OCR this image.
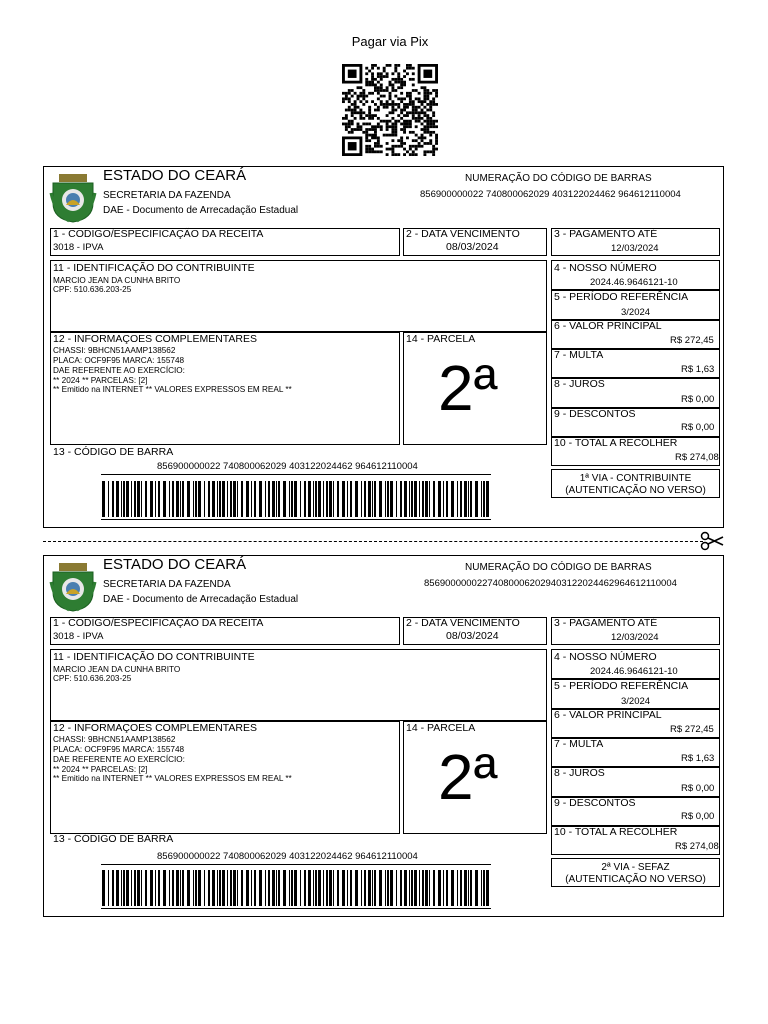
Pagar via Pix
ESTADO DO CEARÁ
SECRETARIA DA FAZENDA
DAE - Documento de Arrecadação Estadual
NUMERAÇÃO DO CÓDIGO DE BARRAS
856900000022 740800062029 403122024462 964612110004
1 - CODIGO/ESPECIFICAÇÃO DA RECEITA
3018 - IPVA
2 - DATA VENCIMENTO
08/03/2024
3 - PAGAMENTO ATÉ
12/03/2024
11 - IDENTIFICAÇÃO DO CONTRIBUINTE
MARCIO JEAN DA CUNHA BRITO
CPF: 510.636.203-25
12 - INFORMAÇOES COMPLEMENTARES
CHASSI: 9BHCN51AAMP138562
PLACA: OCF9F95 MARCA: 155748
DAE REFERENTE AO EXERCÍCIO:
** 2024 ** PARCELAS: [2]
** Emitido na INTERNET ** VALORES EXPRESSOS EM REAL **
14 - PARCELA
2ª
4 - NOSSO NÚMERO
2024.46.9646121-10
5 - PERÍODO REFERÊNCIA
3/2024
6 - VALOR PRINCIPAL
R$ 272,45
7 - MULTA
R$ 1,63
8 - JUROS
R$ 0,00
9 - DESCONTOS
R$ 0,00
10 - TOTAL A RECOLHER
R$ 274,08
13 - CÓDIGO DE BARRA
856900000022 740800062029 403122024462 964612110004
1ª VIA - CONTRIBUINTE
(AUTENTICAÇÃO NO VERSO)
ESTADO DO CEARÁ
SECRETARIA DA FAZENDA
DAE - Documento de Arrecadação Estadual
NUMERAÇÃO DO CÓDIGO DE BARRAS
856900000022740800062029403122024462964612110004
1 - CODIGO/ESPECIFICAÇÃO DA RECEITA
3018 - IPVA
2 - DATA VENCIMENTO
08/03/2024
3 - PAGAMENTO ATÉ
12/03/2024
11 - IDENTIFICAÇÃO DO CONTRIBUINTE
MARCIO JEAN DA CUNHA BRITO
CPF: 510.636.203-25
12 - INFORMAÇOES COMPLEMENTARES
CHASSI: 9BHCN51AAMP138562
PLACA: OCF9F95 MARCA: 155748
DAE REFERENTE AO EXERCÍCIO:
** 2024 ** PARCELAS: [2]
** Emitido na INTERNET ** VALORES EXPRESSOS EM REAL **
14 - PARCELA
2ª
4 - NOSSO NÚMERO
2024.46.9646121-10
5 - PERÍODO REFERÊNCIA
3/2024
6 - VALOR PRINCIPAL
R$ 272,45
7 - MULTA
R$ 1,63
8 - JUROS
R$ 0,00
9 - DESCONTOS
R$ 0,00
10 - TOTAL A RECOLHER
R$ 274,08
13 - CÓDIGO DE BARRA
856900000022 740800062029 403122024462 964612110004
2ª VIA - SEFAZ
(AUTENTICAÇÃO NO VERSO)
